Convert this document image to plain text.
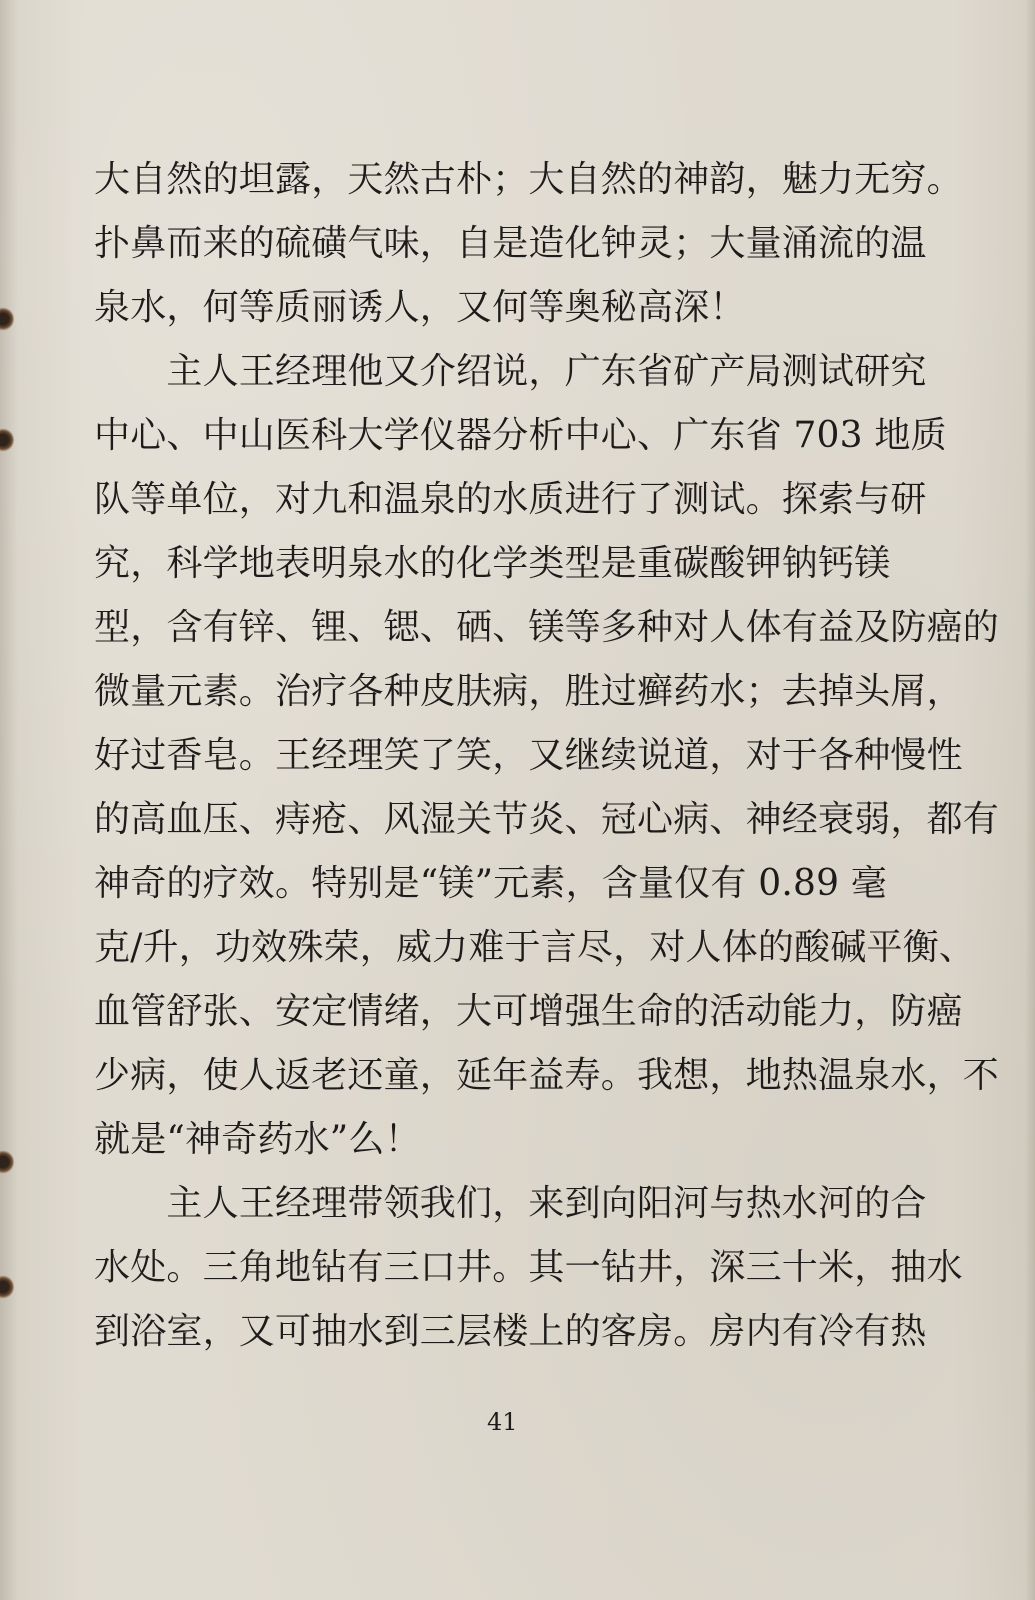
大自然的坦露，天然古朴；大自然的神韵，魅力无穷。
扑鼻而来的硫磺气味，自是造化钟灵；大量涌流的温
泉水，何等质丽诱人，又何等奥秘高深！
　　主人王经理他又介绍说，广东省矿产局测试研究
中心、中山医科大学仪器分析中心、广东省 703 地质
队等单位，对九和温泉的水质进行了测试。探索与研
究，科学地表明泉水的化学类型是重碳酸钾钠钙镁
型，含有锌、锂、锶、硒、镁等多种对人体有益及防癌的
微量元素。治疗各种皮肤病，胜过癣药水；去掉头屑，
好过香皂。王经理笑了笑，又继续说道，对于各种慢性
的高血压、痔疮、风湿关节炎、冠心病、神经衰弱，都有
神奇的疗效。特别是“镁”元素，含量仅有 0.89 毫
克/升，功效殊荣，威力难于言尽，对人体的酸碱平衡、
血管舒张、安定情绪，大可增强生命的活动能力，防癌
少病，使人返老还童，延年益寿。我想，地热温泉水，不
就是“神奇药水”么！
　　主人王经理带领我们，来到向阳河与热水河的合
水处。三角地钻有三口井。其一钻井，深三十米，抽水
到浴室，又可抽水到三层楼上的客房。房内有冷有热
41
